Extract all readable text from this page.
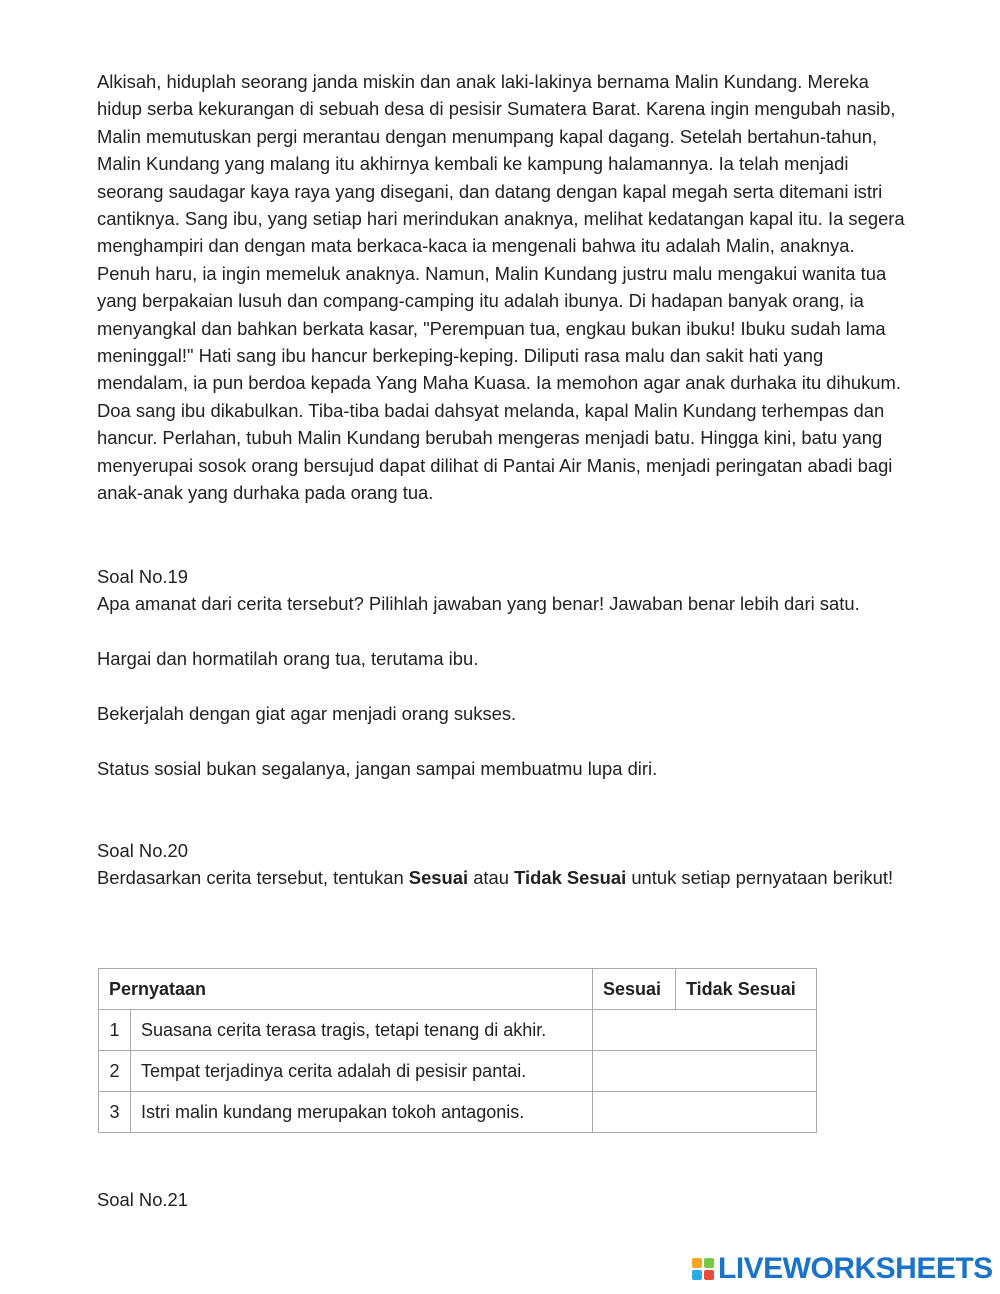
Alkisah, hiduplah seorang janda miskin dan anak laki-lakinya bernama Malin Kundang. Mereka hidup serba kekurangan di sebuah desa di pesisir Sumatera Barat. Karena ingin mengubah nasib, Malin memutuskan pergi merantau dengan menumpang kapal dagang. Setelah bertahun-tahun, Malin Kundang yang malang itu akhirnya kembali ke kampung halamannya. Ia telah menjadi seorang saudagar kaya raya yang disegani, dan datang dengan kapal megah serta ditemani istri cantiknya. Sang ibu, yang setiap hari merindukan anaknya, melihat kedatangan kapal itu. Ia segera menghampiri dan dengan mata berkaca-kaca ia mengenali bahwa itu adalah Malin, anaknya. Penuh haru, ia ingin memeluk anaknya. Namun, Malin Kundang justru malu mengakui wanita tua yang berpakaian lusuh dan compang-camping itu adalah ibunya. Di hadapan banyak orang, ia menyangkal dan bahkan berkata kasar, "Perempuan tua, engkau bukan ibuku! Ibuku sudah lama meninggal!" Hati sang ibu hancur berkeping-keping. Diliputi rasa malu dan sakit hati yang mendalam, ia pun berdoa kepada Yang Maha Kuasa. Ia memohon agar anak durhaka itu dihukum. Doa sang ibu dikabulkan. Tiba-tiba badai dahsyat melanda, kapal Malin Kundang terhempas dan hancur. Perlahan, tubuh Malin Kundang berubah mengeras menjadi batu. Hingga kini, batu yang menyerupai sosok orang bersujud dapat dilihat di Pantai Air Manis, menjadi peringatan abadi bagi anak-anak yang durhaka pada orang tua.
Soal No.19
Apa amanat dari cerita tersebut? Pilihlah jawaban yang benar! Jawaban benar lebih dari satu.
Hargai dan hormatilah orang tua, terutama ibu.
Bekerjalah dengan giat agar menjadi orang sukses.
Status sosial bukan segalanya, jangan sampai membuatmu lupa diri.
Soal No.20
Berdasarkan cerita tersebut, tentukan Sesuai atau Tidak Sesuai untuk setiap pernyataan berikut!
Pernyataan		Sesuai	Tidak Sesuai
1	Suasana cerita terasa tragis, tetapi tenang di akhir.		
2	Tempat terjadinya cerita adalah di pesisir pantai.		
3	Istri malin kundang merupakan tokoh antagonis.		
Soal No.21
LIVEWORKSHEETS
